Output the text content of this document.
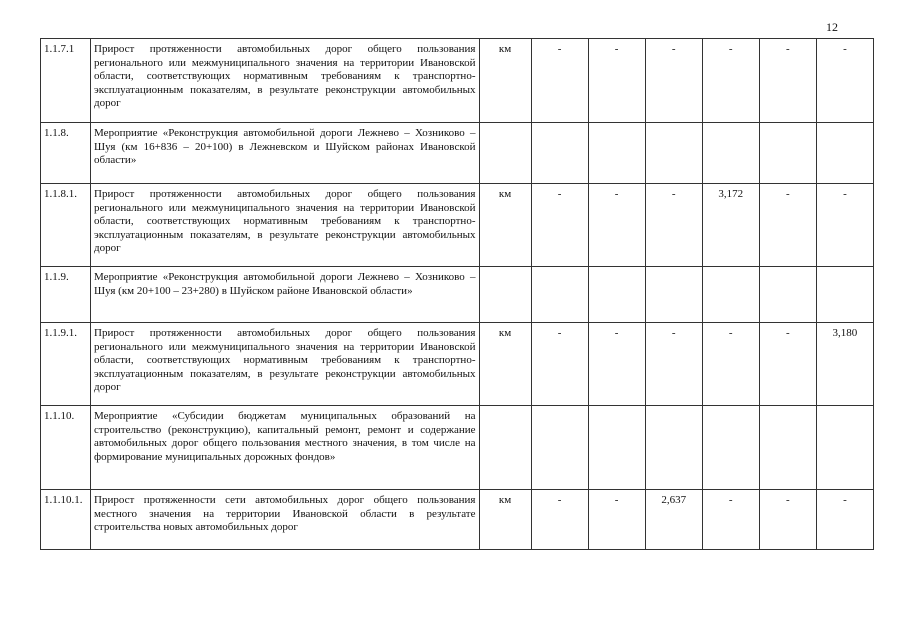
12
1.1.7.1	Прирост протяженности автомобильных дорог общего пользования регионального или межмуниципального значения на территории Ивановской области, соответствующих нормативным требованиям к транспортно-эксплуатационным показателям, в результате реконструкции автомобильных дорог	км	-	-	-	-	-	-
1.1.8.	Мероприятие «Реконструкция автомобильной дороги Лежнево – Хозниково – Шуя (км 16+836 – 20+100) в Лежневском и Шуйском районах Ивановской области»							
1.1.8.1.	Прирост протяженности автомобильных дорог общего пользования регионального или межмуниципального значения на территории Ивановской области, соответствующих нормативным требованиям к транспортно-эксплуатационным показателям, в результате реконструкции автомобильных дорог	км	-	-	-	3,172	-	-
1.1.9.	Мероприятие «Реконструкция автомобильной дороги Лежнево – Хозниково – Шуя (км 20+100 – 23+280) в Шуйском районе Ивановской области»							
1.1.9.1.	Прирост протяженности автомобильных дорог общего пользования регионального или межмуниципального значения на территории Ивановской области, соответствующих нормативным требованиям к транспортно-эксплуатационным показателям, в результате реконструкции автомобильных дорог	км	-	-	-	-	-	3,180
1.1.10.	Мероприятие «Субсидии бюджетам муниципальных образований на строительство (реконструкцию), капитальный ремонт, ремонт и содержание автомобильных дорог общего пользования местного значения, в том числе на формирование муниципальных дорожных фондов»							
1.1.10.1.	Прирост протяженности сети автомобильных дорог общего пользования местного значения на территории Ивановской области в результате строительства новых автомобильных дорог	км	-	-	2,637	-	-	-
